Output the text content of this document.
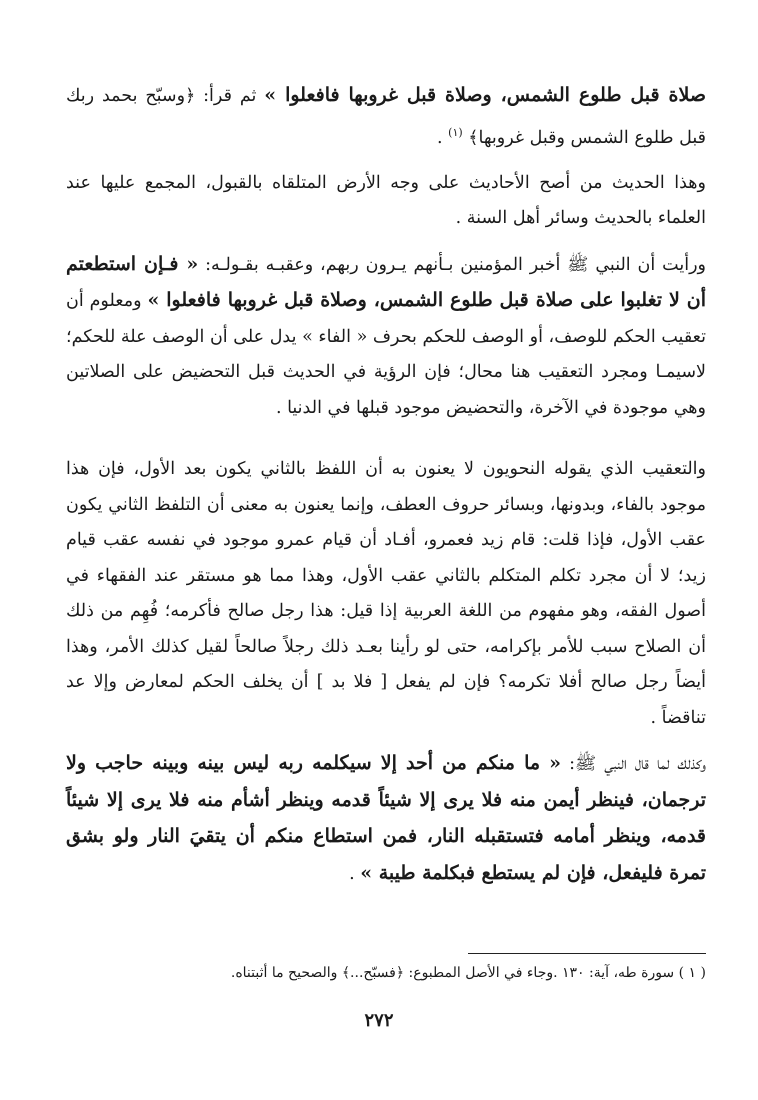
صلاة قبل طلوع الشمس، وصلاة قبل غروبها فافعلوا » ثم قرأ: ﴿وسبّح بحمد ربك قبل طلوع الشمس وقبل غروبها﴾ $^{(١)}$ .

وهذا الحديث من أصح الأحاديث على وجه الأرض المتلقاه بالقبول، المجمع عليها عند العلماء بالحديث وسائر أهل السنة .

ورأيت أن النبي ﷺ أخبر المؤمنين بـأنهم يـرون ربهم، وعقبـه بقـولـه: « فـإن استطعتم أن لا تغلبوا على صلاة قبل طلوع الشمس، وصلاة قبل غروبها فافعلوا » ومعلوم أن تعقيب الحكم للوصف، أو الوصف للحكم بحرف « الفاء » يدل على أن الوصف علة للحكم؛ لاسيمـا ومجرد التعقيب هنا محال؛ فإن الرؤية في الحديث قبل التحضيض على الصلاتين وهي موجودة في الآخرة، والتحضيض موجود قبلها في الدنيا .

والتعقيب الذي يقوله النحويون لا يعنون به أن اللفظ بالثاني يكون بعد الأول، فإن هذا موجود بالفاء، وبدونها، وبسائر حروف العطف، وإنما يعنون به معنى أن التلفظ الثاني يكون عقب الأول، فإذا قلت: قام زيد فعمرو، أفـاد أن قيام عمرو موجود في نفسه عقب قيام زيد؛ لا أن مجرد تكلم المتكلم بالثاني عقب الأول، وهذا مما هو مستقر عند الفقهاء في أصول الفقه، وهو مفهوم من اللغة العربية إذا قيل: هذا رجل صالح فأكرمه؛ فُهِم من ذلك أن الصلاح سبب للأمر بإكرامه، حتى لو رأينا بعـد ذلك رجلاً صالحاً لقيل كذلك الأمر، وهذا أيضاً رجل صالح أفلا تكرمه؟ فإن لم يفعل [ فلا بد ] أن يخلف الحكم لمعارض وإلا عد تناقضاً .

وكذلك لما قال النبي ﷺ: « ما منكم من أحد إلا سيكلمه ربه ليس بينه وبينه حاجب ولا ترجمان، فينظر أيمن منه فلا يرى إلا شيئاً قدمه وينظر أشأم منه فلا يرى إلا شيئاً قدمه، وينظر أمامه فتستقبله النار، فمن استطاع منكم أن يتقيَ النار ولو بشق تمرة فليفعل، فإن لم يستطع فبكلمة طيبة » .

( ١ ) سورة طه، آية: ١٣٠ .وجاء في الأصل المطبوع: ﴿فسبّح...﴾ والصحيح ما أثبتناه.
٢٧٢
